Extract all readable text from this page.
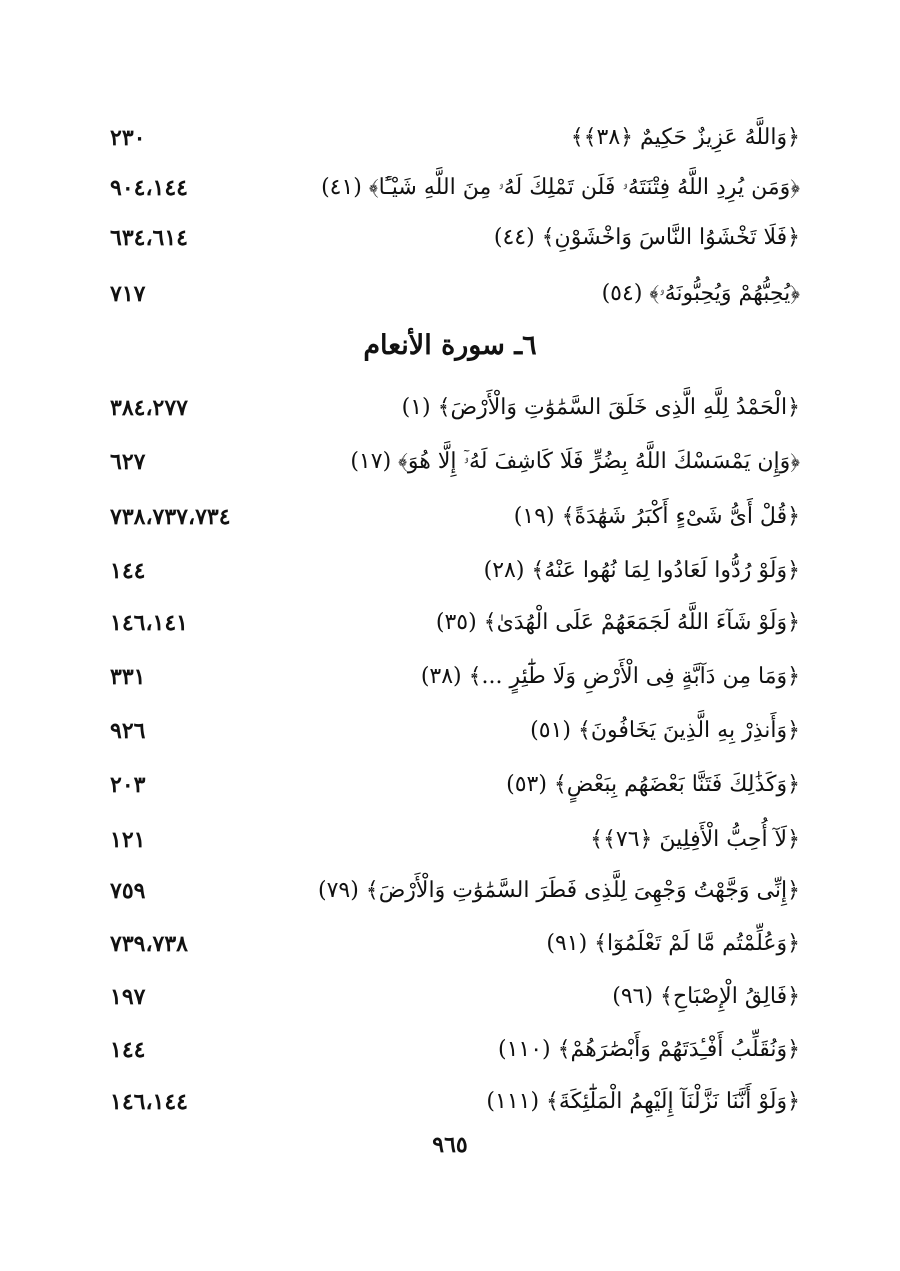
﴿وَاللَّهُ عَزِيزٌ حَكِيمٌ ﴿٣٨﴾﴾
٢٣٠
﴿وَمَن يُرِدِ اللَّهُ فِتْنَتَهُۥ فَلَن تَمْلِكَ لَهُۥ مِنَ اللَّهِ شَيْـًٔا﴾ (٤١)
٩٠٤،١٤٤
﴿فَلَا تَخْشَوُا النَّاسَ وَاخْشَوْنِ﴾ (٤٤)
٦٣٤،٦١٤
﴿يُحِبُّهُمْ وَيُحِبُّونَهُۥ﴾ (٥٤)
٧١٧
٦ـ سورة الأنعام
﴿الْحَمْدُ لِلَّهِ الَّذِى خَلَقَ السَّمَٰوَٰتِ وَالْأَرْضَ﴾ (١)
٣٨٤،٢٧٧
﴿وَإِن يَمْسَسْكَ اللَّهُ بِضُرٍّ فَلَا كَاشِفَ لَهُۥٓ إِلَّا هُوَ﴾ (١٧)
٦٢٧
﴿قُلْ أَىُّ شَىْءٍ أَكْبَرُ شَهَٰدَةً﴾ (١٩)
٧٣٨،٧٣٧،٧٣٤
﴿وَلَوْ رُدُّوا لَعَادُوا لِمَا نُهُوا عَنْهُ﴾ (٢٨)
١٤٤
﴿وَلَوْ شَآءَ اللَّهُ لَجَمَعَهُمْ عَلَى الْهُدَىٰ﴾ (٣٥)
١٤٦،١٤١
﴿وَمَا مِن دَآبَّةٍ فِى الْأَرْضِ وَلَا طَٰٓئِرٍ ...﴾ (٣٨)
٣٣١
﴿وَأَنذِرْ بِهِ الَّذِينَ يَخَافُونَ﴾ (٥١)
٩٢٦
﴿وَكَذَٰلِكَ فَتَنَّا بَعْضَهُم بِبَعْضٍ﴾ (٥٣)
٢٠٣
﴿لَآ أُحِبُّ الْأَفِلِينَ ﴿٧٦﴾﴾
١٢١
﴿إِنِّى وَجَّهْتُ وَجْهِىَ لِلَّذِى فَطَرَ السَّمَٰوَٰتِ وَالْأَرْضَ﴾ (٧٩)
٧٥٩
﴿وَعُلِّمْتُم مَّا لَمْ تَعْلَمُوٓا﴾ (٩١)
٧٣٩،٧٣٨
﴿فَالِقُ الْإِصْبَاحِ﴾ (٩٦)
١٩٧
﴿وَنُقَلِّبُ أَفْـِٔدَتَهُمْ وَأَبْصَٰرَهُمْ﴾ (١١٠)
١٤٤
﴿وَلَوْ أَنَّنَا نَزَّلْنَآ إِلَيْهِمُ الْمَلَٰٓئِكَةَ﴾ (١١١)
١٤٦،١٤٤
٩٦٥
